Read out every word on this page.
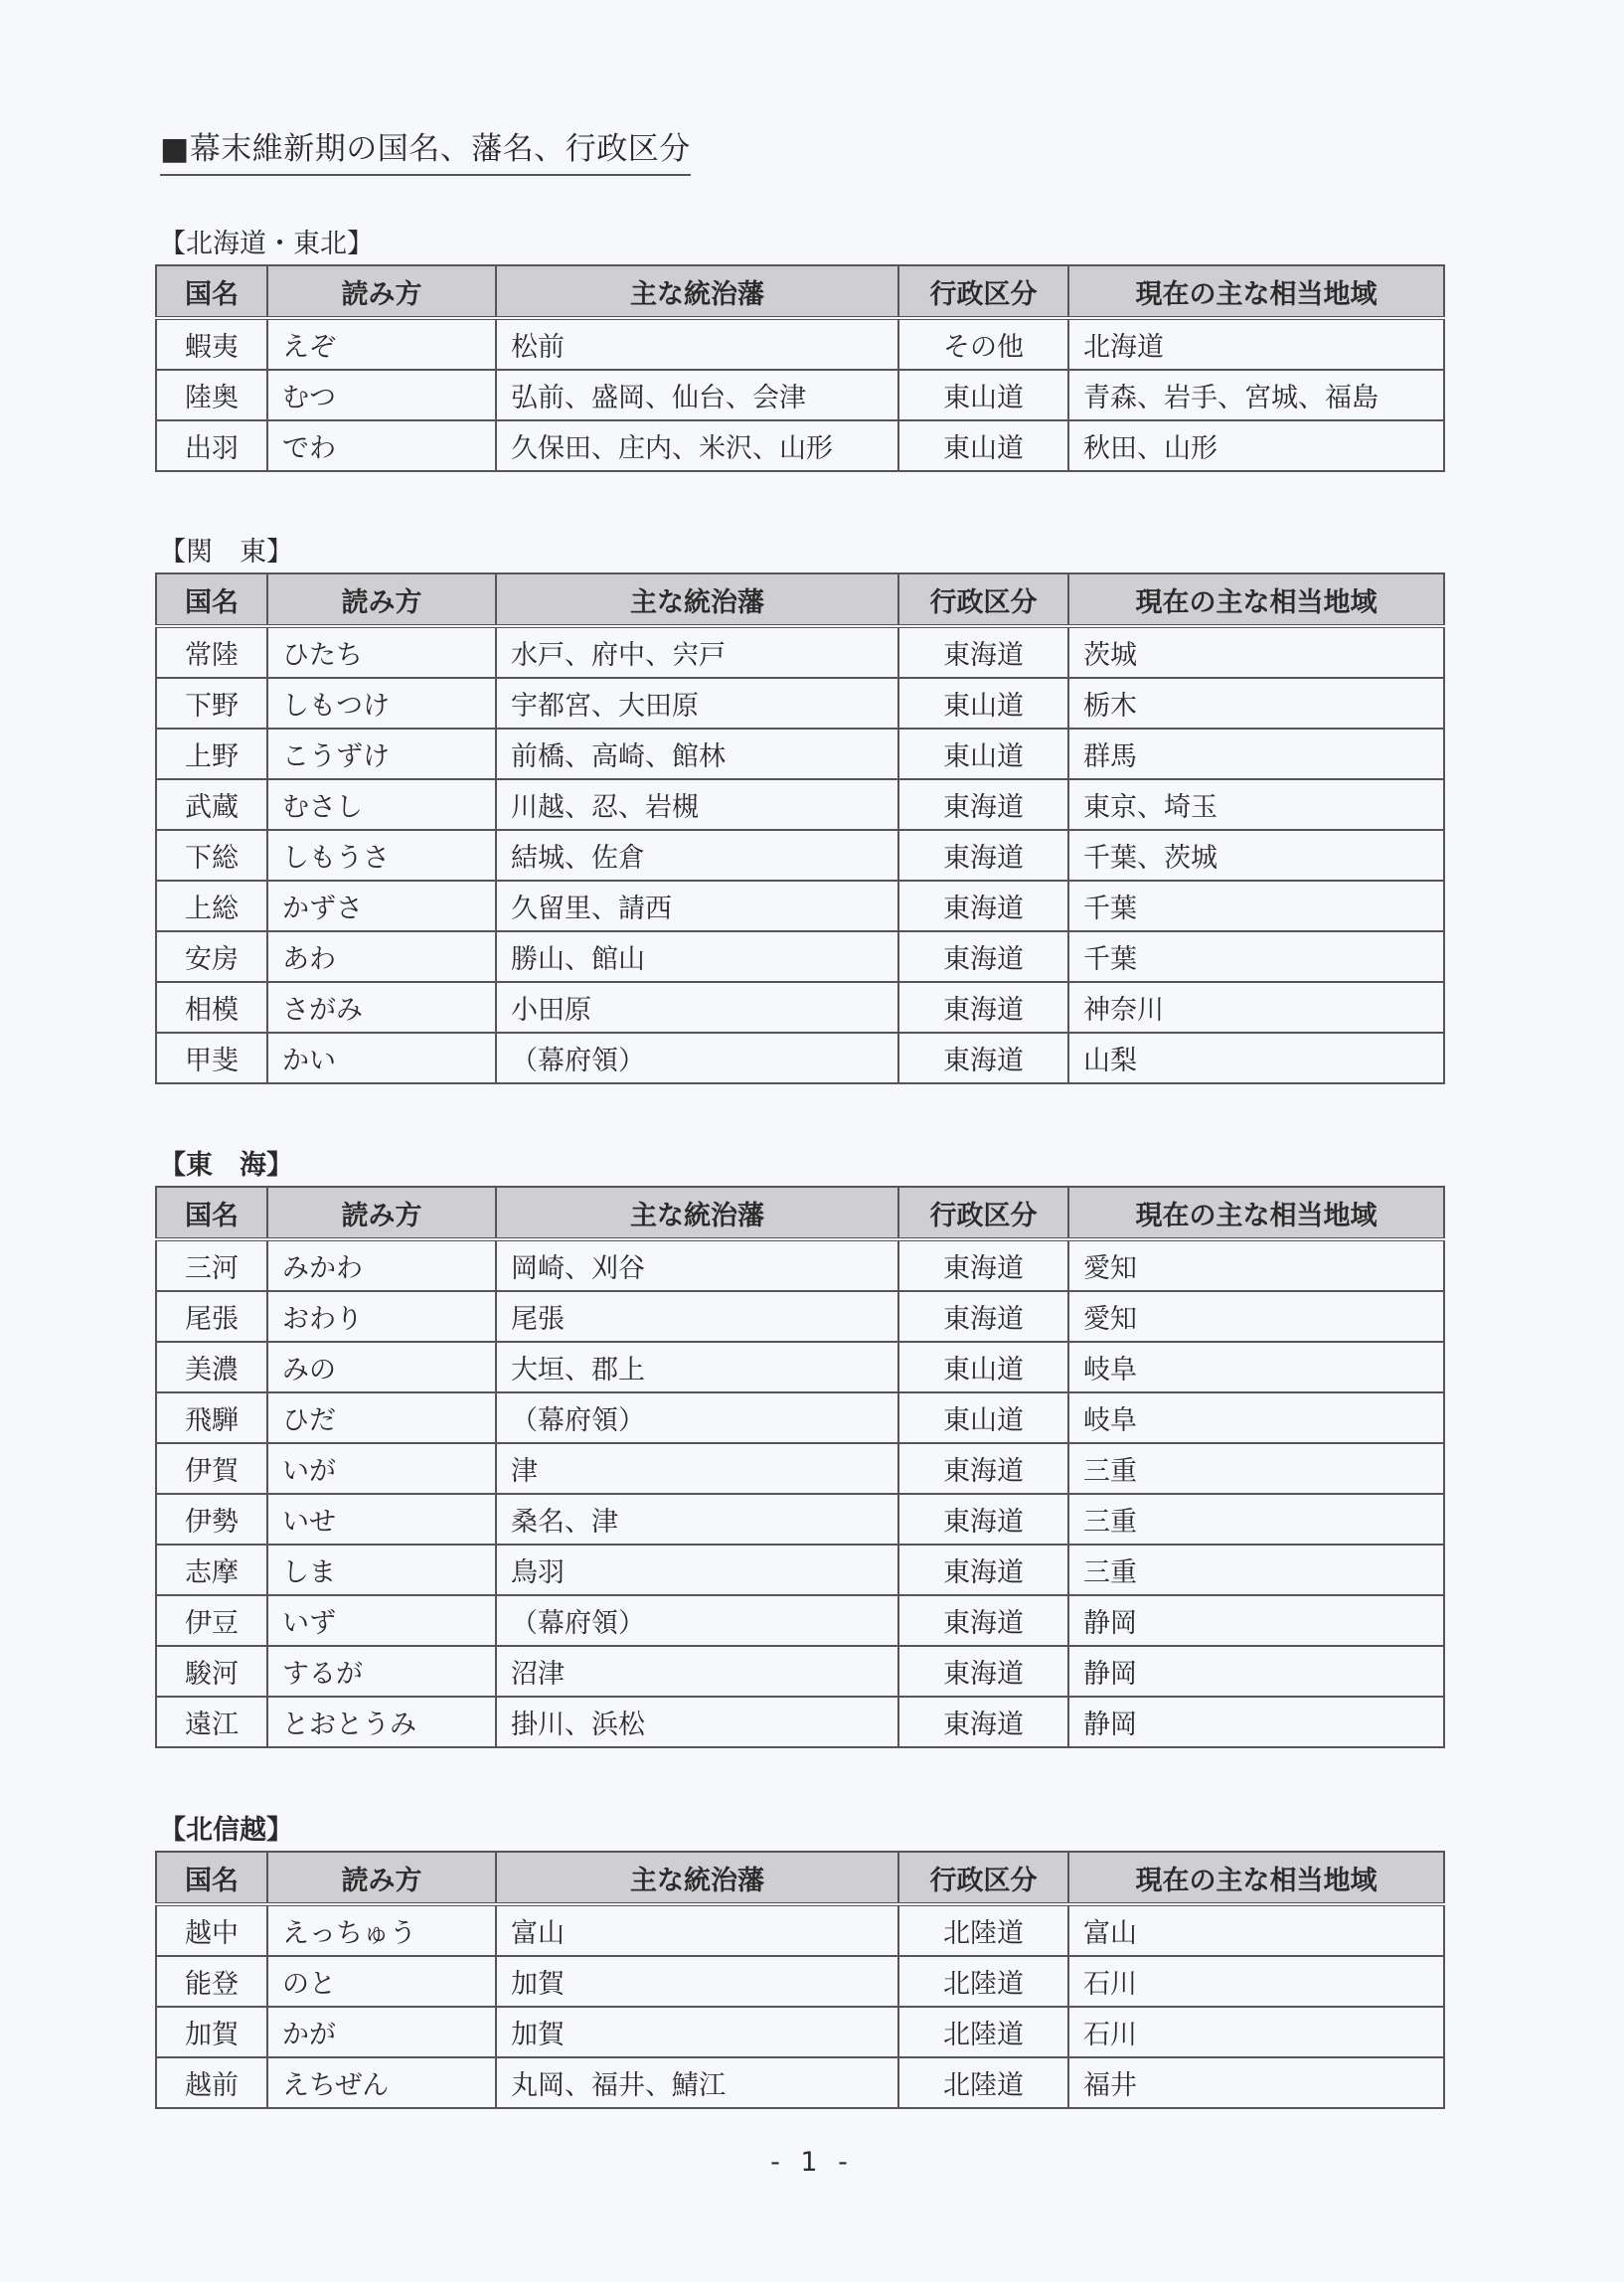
■幕末維新期の国名、藩名、行政区分
【北海道・東北】
国名	読み方	主な統治藩	行政区分	現在の主な相当地域
蝦夷	えぞ	松前	その他	北海道
陸奥	むつ	弘前、盛岡、仙台、会津	東山道	青森、岩手、宮城、福島
出羽	でわ	久保田、庄内、米沢、山形	東山道	秋田、山形
【関　東】
国名	読み方	主な統治藩	行政区分	現在の主な相当地域
常陸	ひたち	水戸、府中、宍戸	東海道	茨城
下野	しもつけ	宇都宮、大田原	東山道	栃木
上野	こうずけ	前橋、高崎、館林	東山道	群馬
武蔵	むさし	川越、忍、岩槻	東海道	東京、埼玉
下総	しもうさ	結城、佐倉	東海道	千葉、茨城
上総	かずさ	久留里、請西	東海道	千葉
安房	あわ	勝山、館山	東海道	千葉
相模	さがみ	小田原	東海道	神奈川
甲斐	かい	（幕府領）	東海道	山梨
【東　海】
国名	読み方	主な統治藩	行政区分	現在の主な相当地域
三河	みかわ	岡崎、刈谷	東海道	愛知
尾張	おわり	尾張	東海道	愛知
美濃	みの	大垣、郡上	東山道	岐阜
飛騨	ひだ	（幕府領）	東山道	岐阜
伊賀	いが	津	東海道	三重
伊勢	いせ	桑名、津	東海道	三重
志摩	しま	鳥羽	東海道	三重
伊豆	いず	（幕府領）	東海道	静岡
駿河	するが	沼津	東海道	静岡
遠江	とおとうみ	掛川、浜松	東海道	静岡
【北信越】
国名	読み方	主な統治藩	行政区分	現在の主な相当地域
越中	えっちゅう	富山	北陸道	富山
能登	のと	加賀	北陸道	石川
加賀	かが	加賀	北陸道	石川
越前	えちぜん	丸岡、福井、鯖江	北陸道	福井
- 1 -
